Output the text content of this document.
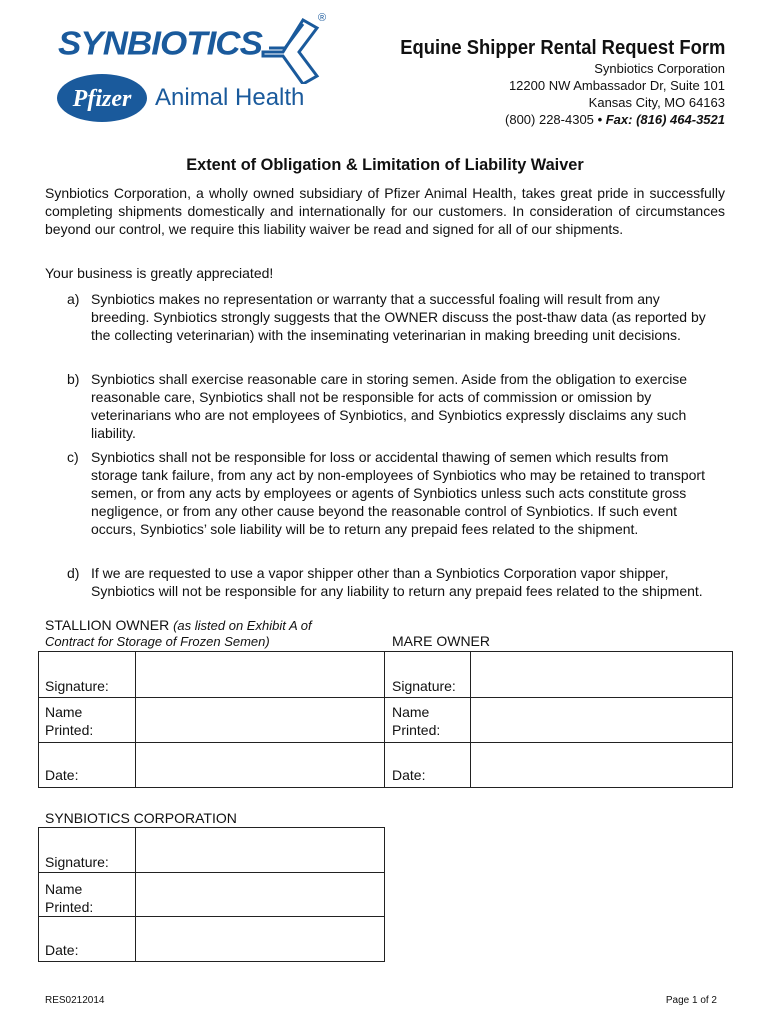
SYNBIOTICS
®
Pfizer Animal Health
Equine Shipper Rental Request Form
Synbiotics Corporation
12200 NW Ambassador Dr, Suite 101
Kansas City, MO 64163
(800) 228-4305 • Fax: (816) 464-3521
Extent of Obligation & Limitation of Liability Waiver
Synbiotics Corporation, a wholly owned subsidiary of Pfizer Animal Health, takes great pride in successfully completing shipments domestically and internationally for our customers. In consideration of circumstances beyond our control, we require this liability waiver be read and signed for all of our shipments.
Your business is greatly appreciated!
a) Synbiotics makes no representation or warranty that a successful foaling will result from any breeding. Synbiotics strongly suggests that the OWNER discuss the post-thaw data (as reported by the collecting veterinarian) with the inseminating veterinarian in making breeding unit decisions.
b) Synbiotics shall exercise reasonable care in storing semen. Aside from the obligation to exercise reasonable care, Synbiotics shall not be responsible for acts of commission or omission by veterinarians who are not employees of Synbiotics, and Synbiotics expressly disclaims any such liability.
c) Synbiotics shall not be responsible for loss or accidental thawing of semen which results from storage tank failure, from any act by non-employees of Synbiotics who may be retained to transport semen, or from any acts by employees or agents of Synbiotics unless such acts constitute gross negligence, or from any other cause beyond the reasonable control of Synbiotics. If such event occurs, Synbiotics’ sole liability will be to return any prepaid fees related to the shipment.
d) If we are requested to use a vapor shipper other than a Synbiotics Corporation vapor shipper, Synbiotics will not be responsible for any liability to return any prepaid fees related to the shipment.
STALLION OWNER (as listed on Exhibit A of
Contract for Storage of Frozen Semen)	MARE OWNER
Signature:
Name
Printed:
Date:
Signature:
Name
Printed:
Date:
SYNBIOTICS CORPORATION
Signature:
Name
Printed:
Date:
RES0212014	Page 1 of 2
